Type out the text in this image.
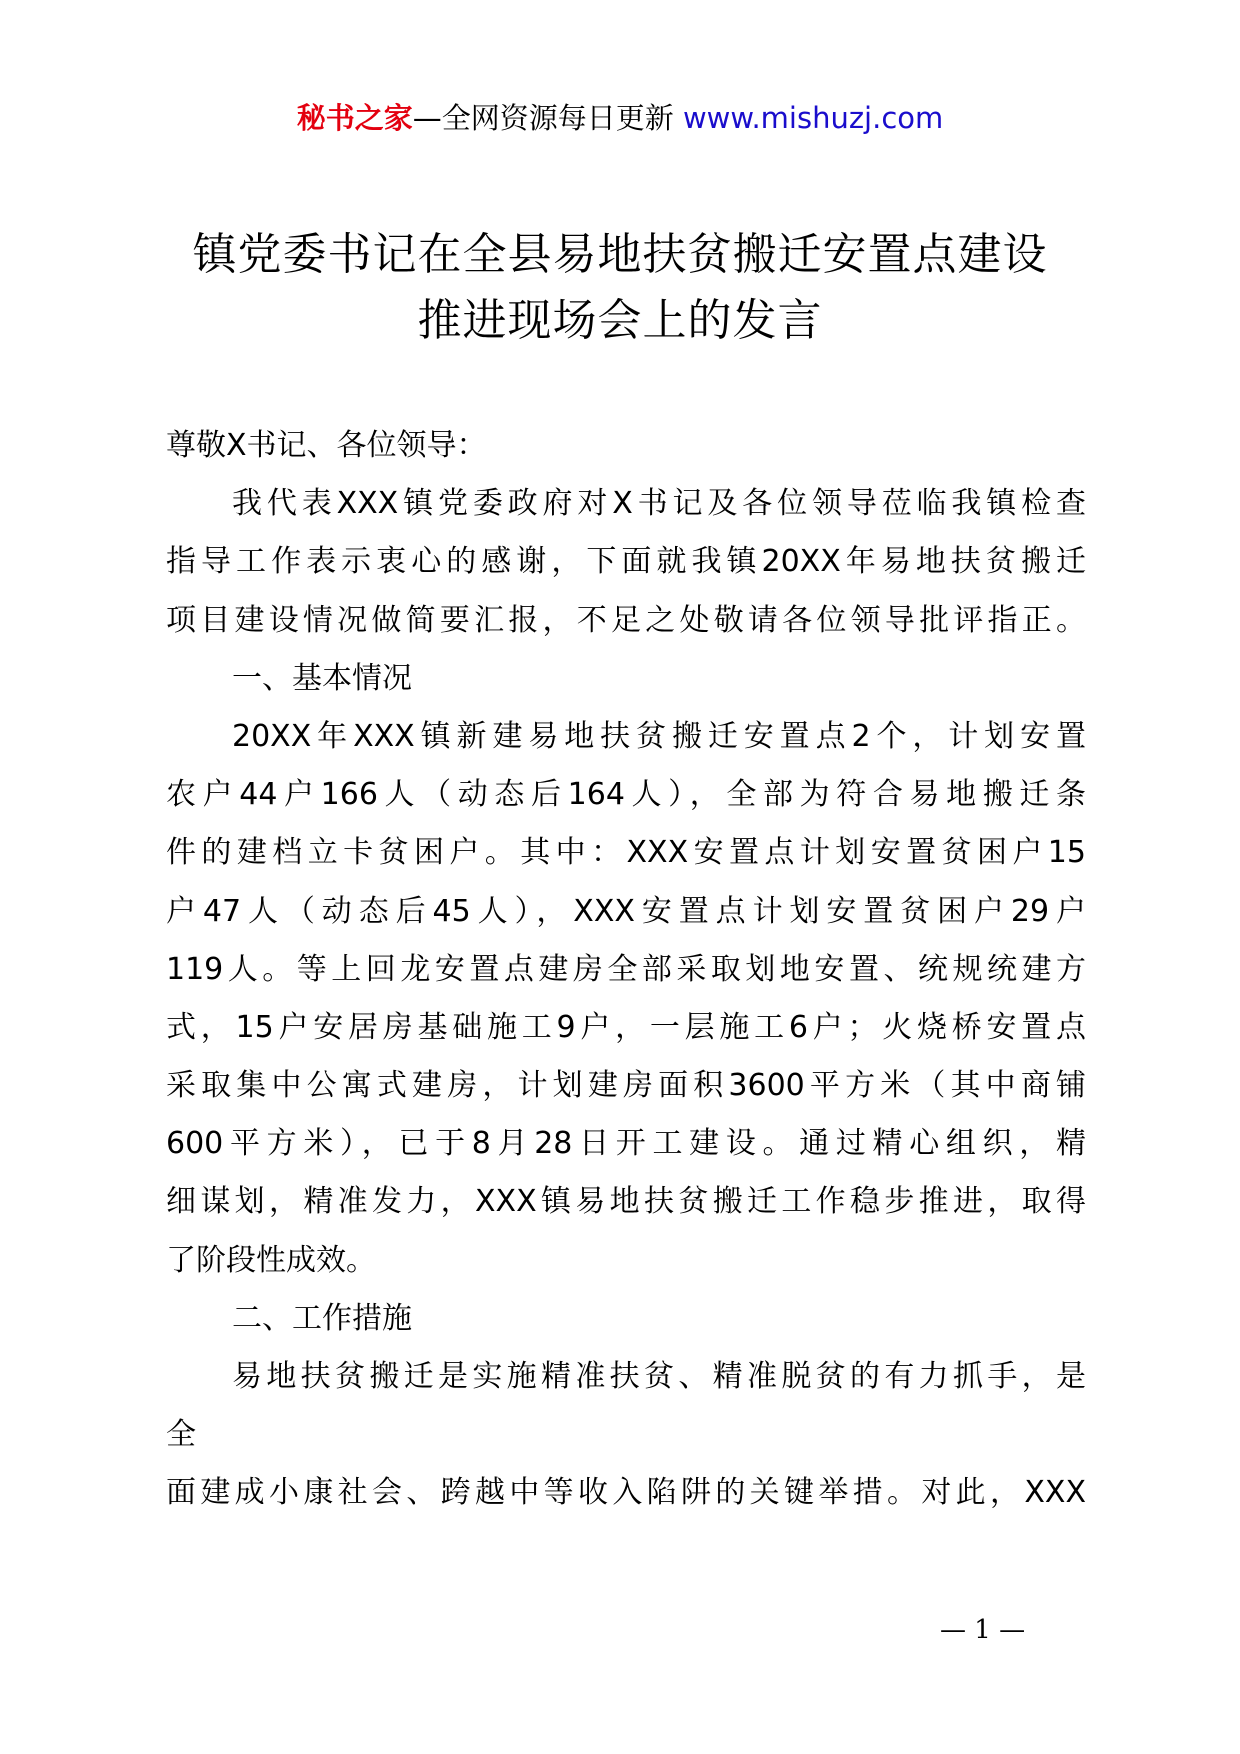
秘书之家—全网资源每日更新 www.mishuzj.com
镇党委书记在全县易地扶贫搬迁安置点建设
推进现场会上的发言
尊敬X书记、各位领导：
我代表XXX镇党委政府对X书记及各位领导莅临我镇检查
指导工作表示衷心的感谢，下面就我镇20XX年易地扶贫搬迁
项目建设情况做简要汇报，不足之处敬请各位领导批评指正。
一、基本情况
20XX年XXX镇新建易地扶贫搬迁安置点2个，计划安置
农户44户166人（动态后164人），全部为符合易地搬迁条
件的建档立卡贫困户。其中：XXX安置点计划安置贫困户15
户47人（动态后45人），XXX安置点计划安置贫困户29户
119人。等上回龙安置点建房全部采取划地安置、统规统建方
式，15户安居房基础施工9户，一层施工6户；火烧桥安置点
采取集中公寓式建房，计划建房面积3600平方米（其中商铺
600平方米），已于8月28日开工建设。通过精心组织，精
细谋划，精准发力，XXX镇易地扶贫搬迁工作稳步推进，取得
了阶段性成效。
二、工作措施
易地扶贫搬迁是实施精准扶贫、精准脱贫的有力抓手，是
全
面建成小康社会、跨越中等收入陷阱的关键举措。对此，XXX
— 1 —
